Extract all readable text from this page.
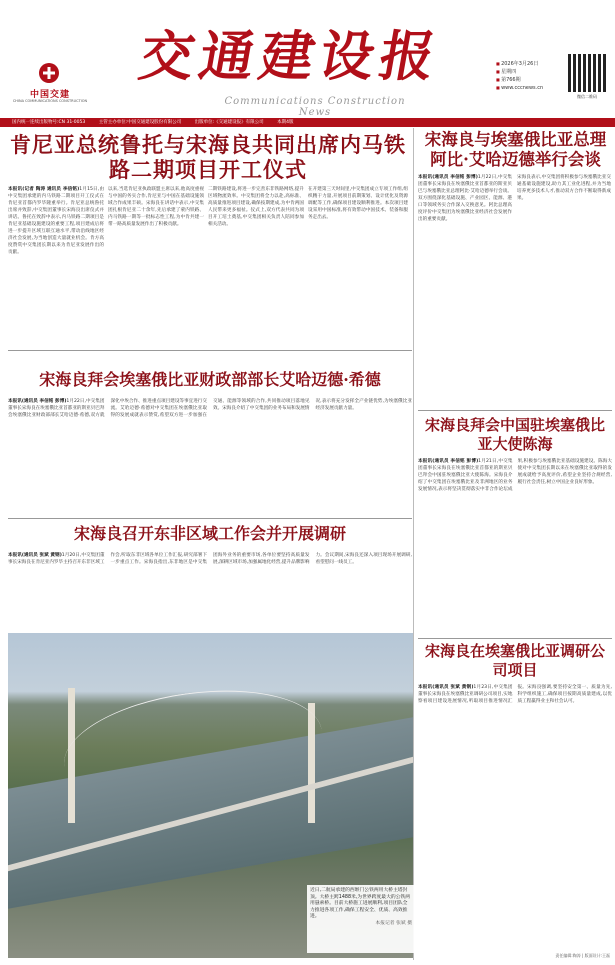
中国交建
CHINA COMMUNICATIONS CONSTRUCTION
交通建设报
Communications Construction News
■ 2026年3月26日
■ 星期四
■ 第766期
■ www.cccnews.cn
微信二维码
国内统一连续出版物号:CN 31-0053	主管主办单位:中国交通建设股份有限公司	出版单位:《交通建设报》有限公司	本期4版
肯尼亚总统鲁托与宋海良共同出席内马铁路二期项目开工仪式
本报讯(记者 陶涛 通讯员 李信铭)1月15日,由中交集团承建的内马铁路二期项目开工仪式在肯尼亚首都内罗毕隆重举行。肯尼亚总统鲁托出席并致辞,中交集团董事长宋海良出席仪式并讲话。鲁托在致辞中表示,内马铁路二期项目是肯尼亚基础设施建设的重要工程,项目建成后将进一步提升区域互联互通水平,带动沿线地区经济社会发展,为当地创造大量就业机会。肯方高度赞赏中交集团长期以来为肯尼亚发展作出的贡献。
以来,当选肯尼亚执政联盟主席以来,他高度重视与中国的务实合作,肯尼亚与中国在基础设施领域合作成果丰硕。宋海良在讲话中表示,中交集团扎根肯尼亚二十余年,先后承建了蒙内铁路、内马铁路一期等一批标志性工程,为中肯共建一带一路高质量发展作出了积极贡献。
二期铁路建设,将进一步完善东非铁路网络,提升区域物流效率。中交集团将全力以赴,高标准、高质量推进项目建设,确保按期建成,为中肯两国人民带来更多福祉。仪式上,双方代表共同为项目开工培土奠基,中交集团相关负责人陪同参加相关活动。
在开建第三天时间里,中交集团成立专项工作组,组织精干力量,开展项目前期策划、设计优化及资源调配等工作,确保项目建设顺利推进。本次项目建设采用中国标准,将有效带动中国技术、装备和服务走出去。
宋海良与埃塞俄比亚总理阿比·艾哈迈德举行会谈
本报讯(通讯员 李信铭 彭博)1月22日,中交集团董事长宋海良在埃塞俄比亚首都亚的斯亚贝巴与埃塞俄比亚总理阿比·艾哈迈德举行会谈。双方围绕深化基础设施、产业园区、能源、港口等领域务实合作深入交换意见。阿比总理高度评价中交集团为埃塞俄比亚经济社会发展作出的重要贡献。
宋海良表示,中交集团将积极参与埃塞俄比亚交通基础设施建设,助力其工业化进程,并为当地培养更多技术人才,推动双方合作不断取得新成果。
宋海良拜会埃塞俄比亚财政部部长艾哈迈德·希德
本报讯(通讯员 李信铭 彭博)1月22日,中交集团董事长宋海良在埃塞俄比亚首都亚的斯亚贝巴拜会埃塞俄比亚财政部部长艾哈迈德·希德,双方就深化中埃合作、推进重点项目建设等事宜进行交流。艾哈迈德·希德对中交集团在埃塞俄比亚取得的发展成就表示赞赏,希望双方进一步加强在交通、能源等领域的合作,共同推动项目落地见效。宋海良介绍了中交集团的业务布局和发展情况,表示将充分发挥全产业链优势,为埃塞俄比亚经济发展贡献力量。
宋海良召开东非区域工作会并开展调研
本报讯(通讯员 张斌 黄钢)1月20日,中交集团董事长宋海良在肯尼亚内罗毕主持召开东非区域工作会,听取东非区域各单位工作汇报,研究部署下一步重点工作。宋海良指出,东非地区是中交集团海外业务的重要市场,各单位要坚持高质量发展,深耕区域市场,加强属地化经营,提升品牌影响力。会议期间,宋海良还深入项目现场开展调研,看望慰问一线员工。
宋海良拜会中国驻埃塞俄比亚大使陈海
本报讯(通讯员 李信铭 彭博)1月21日,中交集团董事长宋海良在埃塞俄比亚首都亚的斯亚贝巴拜会中国驻埃塞俄比亚大使陈海。宋海良介绍了中交集团在埃塞俄比亚及非洲地区的业务发展情况,表示将坚决贯彻落实中非合作论坛成果,积极参与埃塞俄比亚基础设施建设。陈海大使对中交集团长期以来在埃塞俄比亚取得的发展成就给予高度评价,希望企业坚持合规经营,履行社会责任,树立中国企业良好形象。
宋海良在埃塞俄比亚调研公司项目
本报讯(通讯员 张斌 黄钢)1月23日,中交集团董事长宋海良在埃塞俄比亚调研公司项目,实地察看项目建设进展情况,听取项目推进情况汇报。宋海良强调,要坚持安全第一、质量为先,科学组织施工,确保项目按期高质量建成,以优质工程赢得业主和社会认可。
近日,二航局承建的西堠门公铁两用大桥主塔封顶。大桥主跨1488米,为世界跨度最大的公铁两用悬索桥。目前大桥施工进展顺利,项目团队全力推进各项工作,确保工程安全、优质、高效推进。
本报记者 张斌 摄
责任编辑:陶涛 | 版面设计:王磊
